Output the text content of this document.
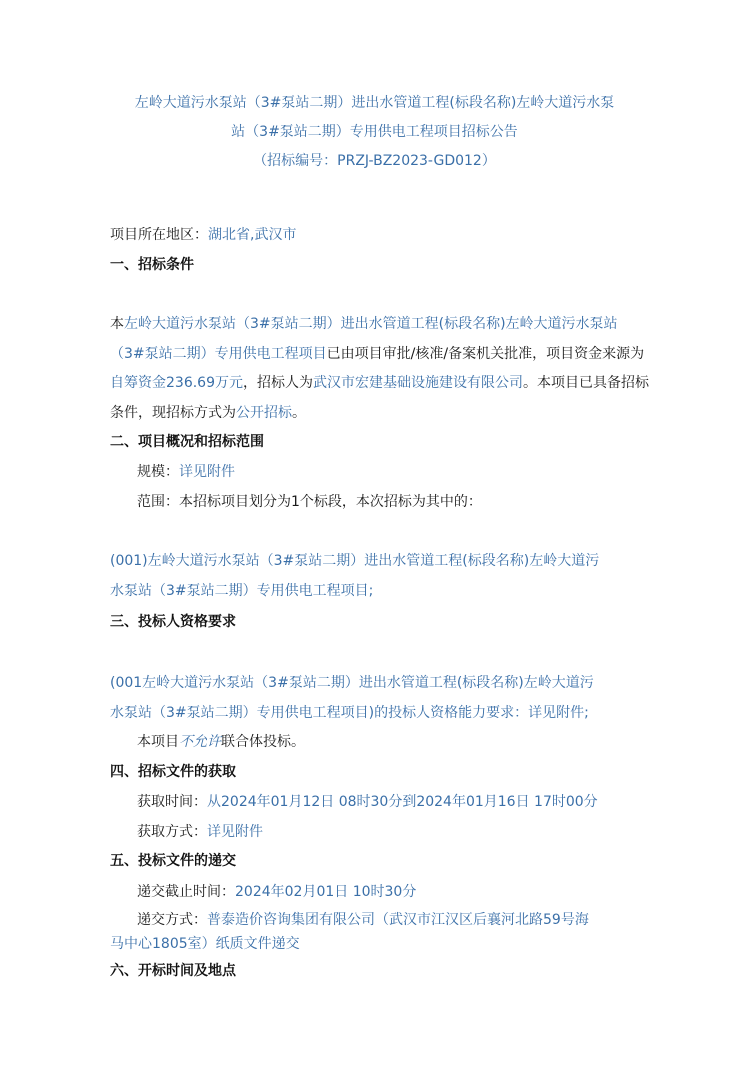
左岭大道污水泵站（3#泵站二期）进出水管道工程(标段名称)左岭大道污水泵
站（3#泵站二期）专用供电工程项目招标公告
（招标编号：PRZJ-BZ2023-GD012）
项目所在地区：湖北省,武汉市
一、招标条件
本左岭大道污水泵站（3#泵站二期）进出水管道工程(标段名称)左岭大道污水泵站（3#泵站二期）专用供电工程项目已由项目审批/核准/备案机关批准，项目资金来源为自筹资金236.69万元，招标人为武汉市宏建基础设施建设有限公司。本项目已具备招标条件，现招标方式为公开招标。
二、项目概况和招标范围
规模：详见附件
范围：本招标项目划分为1个标段，本次招标为其中的：
(001)左岭大道污水泵站（3#泵站二期）进出水管道工程(标段名称)左岭大道污
水泵站（3#泵站二期）专用供电工程项目;
三、投标人资格要求
(001左岭大道污水泵站（3#泵站二期）进出水管道工程(标段名称)左岭大道污
水泵站（3#泵站二期）专用供电工程项目)的投标人资格能力要求：详见附件;
本项目不允许联合体投标。
四、招标文件的获取
获取时间：从2024年01月12日 08时30分到2024年01月16日 17时00分
获取方式：详见附件
五、投标文件的递交
递交截止时间：2024年02月01日 10时30分
递交方式：普泰造价咨询集团有限公司（武汉市江汉区后襄河北路59号海
马中心1805室）纸质文件递交
六、开标时间及地点
